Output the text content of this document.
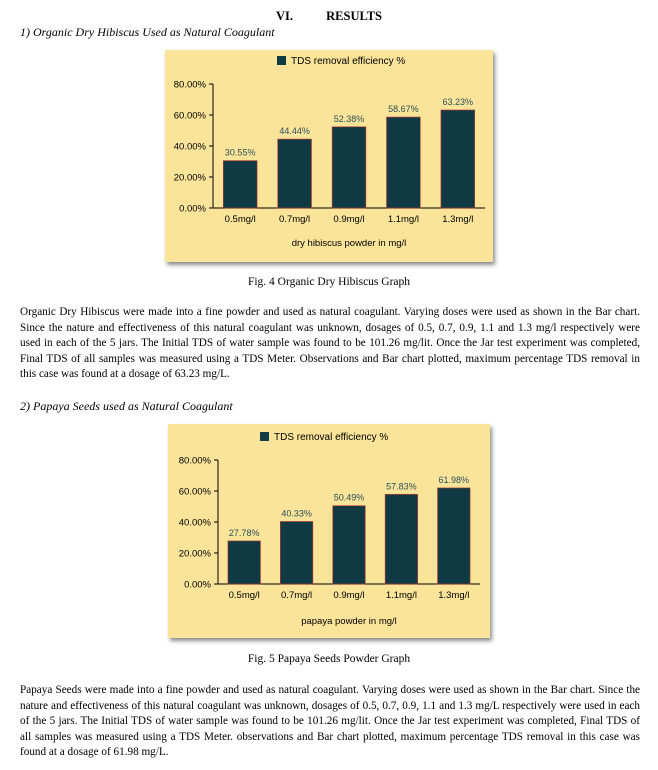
VI.	RESULTS
1) Organic Dry Hibiscus Used as Natural Coagulant
TDS removal efficiency %
0.00%
20.00%
40.00%
60.00%
80.00%
30.55%
0.5mg/l
44.44%
0.7mg/l
52.38%
0.9mg/l
58.67%
1.1mg/l
63.23%
1.3mg/l
dry hibiscus powder in mg/l
Fig. 4 Organic Dry Hibiscus Graph
Organic Dry Hibiscus were made into a fine powder and used as natural coagulant. Varying doses were used as shown in the Bar chart. Since the nature and effectiveness of this natural coagulant was unknown, dosages of 0.5, 0.7, 0.9, 1.1 and 1.3 mg/l respectively were used in each of the 5 jars. The Initial TDS of water sample was found to be 101.26 mg/lit. Once the Jar test experiment was completed, Final TDS of all samples was measured using a TDS Meter. Observations and Bar chart plotted, maximum percentage TDS removal in this case was found at a dosage of 63.23 mg/L.
2) Papaya Seeds used as Natural Coagulant
TDS removal efficiency %
0.00%
20.00%
40.00%
60.00%
80.00%
27.78%
0.5mg/l
40.33%
0.7mg/l
50.49%
0.9mg/l
57.83%
1.1mg/l
61.98%
1.3mg/l
papaya powder in mg/l
Fig. 5 Papaya Seeds Powder Graph
Papaya Seeds were made into a fine powder and used as natural coagulant. Varying doses were used as shown in the Bar chart. Since the nature and effectiveness of this natural coagulant was unknown, dosages of 0.5, 0.7, 0.9, 1.1 and 1.3 mg/L respectively were used in each of the 5 jars. The Initial TDS of water sample was found to be 101.26 mg/lit. Once the Jar test experiment was completed, Final TDS of all samples was measured using a TDS Meter. observations and Bar chart plotted, maximum percentage TDS removal in this case was found at a dosage of 61.98 mg/L.
